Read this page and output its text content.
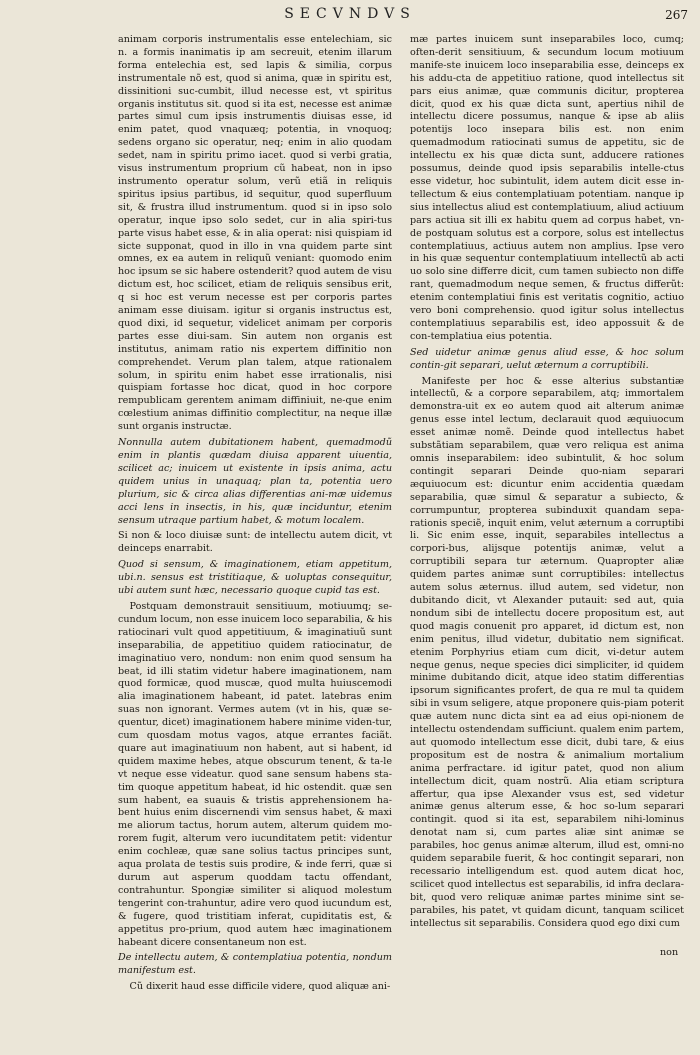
SECVNDVS	267

animam corporis instrumentalis esse entelechiam, sic n. a formis inanimatis ip am secreuit, etenim illarum forma entelechia est, sed lapis & similia, corpus instrumentale nõ est, quod si anima, quæ in spiritu est, dissinitioni suc-cumbit, illud necesse est, vt spiritus organis institutus sit. quod si ita est, necesse est animæ partes simul cum ipsis instrumentis diuisas esse, id enim patet, quod vnaquæq; potentia, in vnoquoq; sedens organo sic operatur, neq; enim in alio quodam sedet, nam in spiritu primo iacet. quod si verbi gratia, visus instrumentum proprium cũ habeat, non in ipso instrumento operatur solum, verũ etiã in reliquis spiritus ipsius partibus, id sequitur, quod superfluum sit, & frustra illud instrumentum. quod si in ipso solo operatur, inque ipso solo sedet, cur in alia spiri-tus parte visus habet esse, & in alia operat: nisi quispiam id sicte supponat, quod in illo in vna quidem parte sint omnes, ex ea autem in reliquũ veniant: quomodo enim hoc ipsum se sic habere ostenderit? quod autem de visu dictum est, hoc scilicet, etiam de reliquis sensibus erit, q si hoc est verum necesse est per corporis partes animam esse diuisam. igitur si organis instructus est, quod dixi, id sequetur, videlicet animam per corporis partes esse diui-sam. Sin autem non organis est institutus, animam ratio nis expertem diffinitio non comprehendet. Verum plan talem, atque rationalem solum, in spiritu enim habet esse irrationalis, nisi quispiam fortasse hoc dicat, quod in hoc corpore rempublicam gerentem animam diffiniuit, ne-que enim cœlestium animas diffinitio complectitur, na neque illæ sunt organis instructæ.

Nonnulla autem dubitationem habent, quemadmodũ enim in plantis quædam diuisa apparent uiuentia, scilicet ac; inuicem ut existente in ipsis anima, actu quidem unius in unaquaq; plan ta, potentia uero plurium, sic & circa alias differentias ani-mæ uidemus acci lens in insectis, in his, quæ inciduntur, etenim sensum utraque partium habet, & motum localem.

Si non & loco diuisæ sunt: de intellectu autem dicit, vt deinceps enarrabit.

Quod si sensum, & imaginationem, etiam appetitum, ubi.n. sensus est tristitiaque, & uoluptas consequitur, ubi autem sunt hæc, necessario quoque cupid tas est.

Postquam demonstrauit sensitiuum, motiuumq; se-cundum locum, non esse inuicem loco separabilia, & his ratiocinari vult quod appetitiuum, & imaginatiuũ sunt inseparabilia, de appetitiuo quidem ratiocinatur, de imaginatiuo vero, nondum: non enim quod sensum ha beat, id illi statim videtur habere imaginationem, nam quod formicæ, quod muscæ, quod multa huiuscemodi alia imaginationem habeant, id patet. latebras enim suas non ignorant. Vermes autem (vt in his, quæ se-quentur, dicet) imaginationem habere minime viden-tur, cum quosdam motus vagos, atque errantes faciãt. quare aut imaginatiuum non habent, aut si habent, id quidem maxime hebes, atque obscurum tenent, & ta-le vt neque esse videatur. quod sane sensum habens sta-tim quoque appetitum habeat, id hic ostendit. quæ sen sum habent, ea suauis & tristis apprehensionem ha-bent huius enim discernendi vim sensus habet, & maxi me aliorum tactus, horum autem, alterum quidem mo-rorem fugit, alterum vero iucunditatem petit: videntur enim cochleæ, quæ sane solius tactus principes sunt, aqua prolata de testis suis prodire, & inde ferri, quæ si durum aut asperum quoddam tactu offendant, contrahuntur. Spongiæ similiter si aliquod molestum tengerint con-trahuntur, adire vero quod iucundum est, & fugere, quod tristitiam inferat, cupiditatis est, & appetitus pro-prium, quod autem hæc imaginationem habeant dicere consentaneum non est.

De intellectu autem, & contemplatiua potentia, nondum manifestum est.

Cũ dixerit haud esse difficile videre, quod aliquæ ani-

mæ partes inuicem sunt inseparabiles loco, cumq; often-derit sensitiuum, & secundum locum motiuum manife-ste inuicem loco inseparabilia esse, deinceps ex his addu-cta de appetitiuo ratione, quod intellectus sit pars eius animæ, quæ communis dicitur, propterea dicit, quod ex his quæ dicta sunt, apertius nihil de intellectu dicere possumus, nanque & ipse ab aliis potentijs loco insepara bilis est. non enim quemadmodum ratiocinati sumus de appetitu, sic de intellectu ex his quæ dicta sunt, adducere rationes possumus, deinde quod ipsis separabilis intelle-ctus esse videtur, hoc subintulit, idem autem dicit esse in-tellectum & eius contemplatiuam potentiam. nanque ip sius intellectus aliud est contemplatiuum, aliud actiuum pars actiua sit illi ex habitu quem ad corpus habet, vn-de postquam solutus est a corpore, solus est intellectus contemplatiuus, actiuus autem non amplius. Ipse vero in his quæ sequentur contemplatiuum intellectũ ab acti uo solo sine differre dicit, cum tamen subiecto non diffe rant, quemadmodum neque semen, & fructus differũt: etenim contemplatiui finis est veritatis cognitio, actiuo vero boni comprehensio. quod igitur solus intellectus contemplatiuus separabilis est, ideo appossuit & de con-templatiua eius potentia.

Sed uidetur animæ genus aliud esse, & hoc solum contin-git separari, uelut æternum a corruptibili.

Manifeste per hoc & esse alterius substantiæ intellectũ, & a corpore separabilem, atq; immortalem demonstra-uit ex eo autem quod ait alterum animæ genus esse intel lectum, declarauit quod æquiuocum esset animæ nomẽ. Deinde quod intellectus habet substãtiam separabilem, quæ vero reliqua est anima omnis inseparabilem: ideo subintulit, & hoc solum contingit separari Deinde quo-niam separari æquiuocum est: dicuntur enim accidentia quædam separabilia, quæ simul & separatur a subiecto, & corrumpuntur, propterea subinduxit quandam sepa-rationis speciẽ, inquit enim, velut æternum a corruptibi li. Sic enim esse, inquit, separabiles intellectus a corpori-bus, alijsque potentijs animæ, velut a corruptibili separa tur æternum. Quapropter aliæ quidem partes animæ sunt corruptibiles: intellectus autem solus æternus. illud autem, sed videtur, non dubitando dicit, vt Alexander putauit: sed aut, quia nondum sibi de intellectu docere propositum est, aut quod magis conuenit pro apparet, id dictum est, non enim penitus, illud videtur, dubitatio nem significat. etenim Porphyrius etiam cum dicit, vi-detur autem neque genus, neque species dici simpliciter, id quidem minime dubitando dicit, atque ideo statim differentias ipsorum significantes profert, de qua re mul ta quidem sibi in vsum seligere, atque proponere quis-piam poterit quæ autem nunc dicta sint ea ad eius opi-nionem de intellectu ostendendam sufficiunt. qualem enim partem, aut quomodo intellectum esse dicit, dubi tare, & eius propositum est de nostra & animalium mortalium anima perfractare. id igitur patet, quod non alium intellectum dicit, quam nostrũ. Alia etiam scriptura affertur, qua ipse Alexander vsus est, sed videtur animæ genus alterum esse, & hoc so-lum separari contingit. quod si ita est, separabilem nihi-lominus denotat nam si, cum partes aliæ sint animæ se parabiles, hoc genus animæ alterum, illud est, omni-no quidem separabile fuerit, & hoc contingit separari, non recessario intelligendum est. quod autem dicat hoc, scilicet quod intellectus est separabilis, id infra declara-bit, quod vero reliquæ animæ partes minime sint se-parabiles, his patet, vt quidam dicunt, tanquam scilicet intellectus sit separabilis. Considera quod ego dixi cum

non
